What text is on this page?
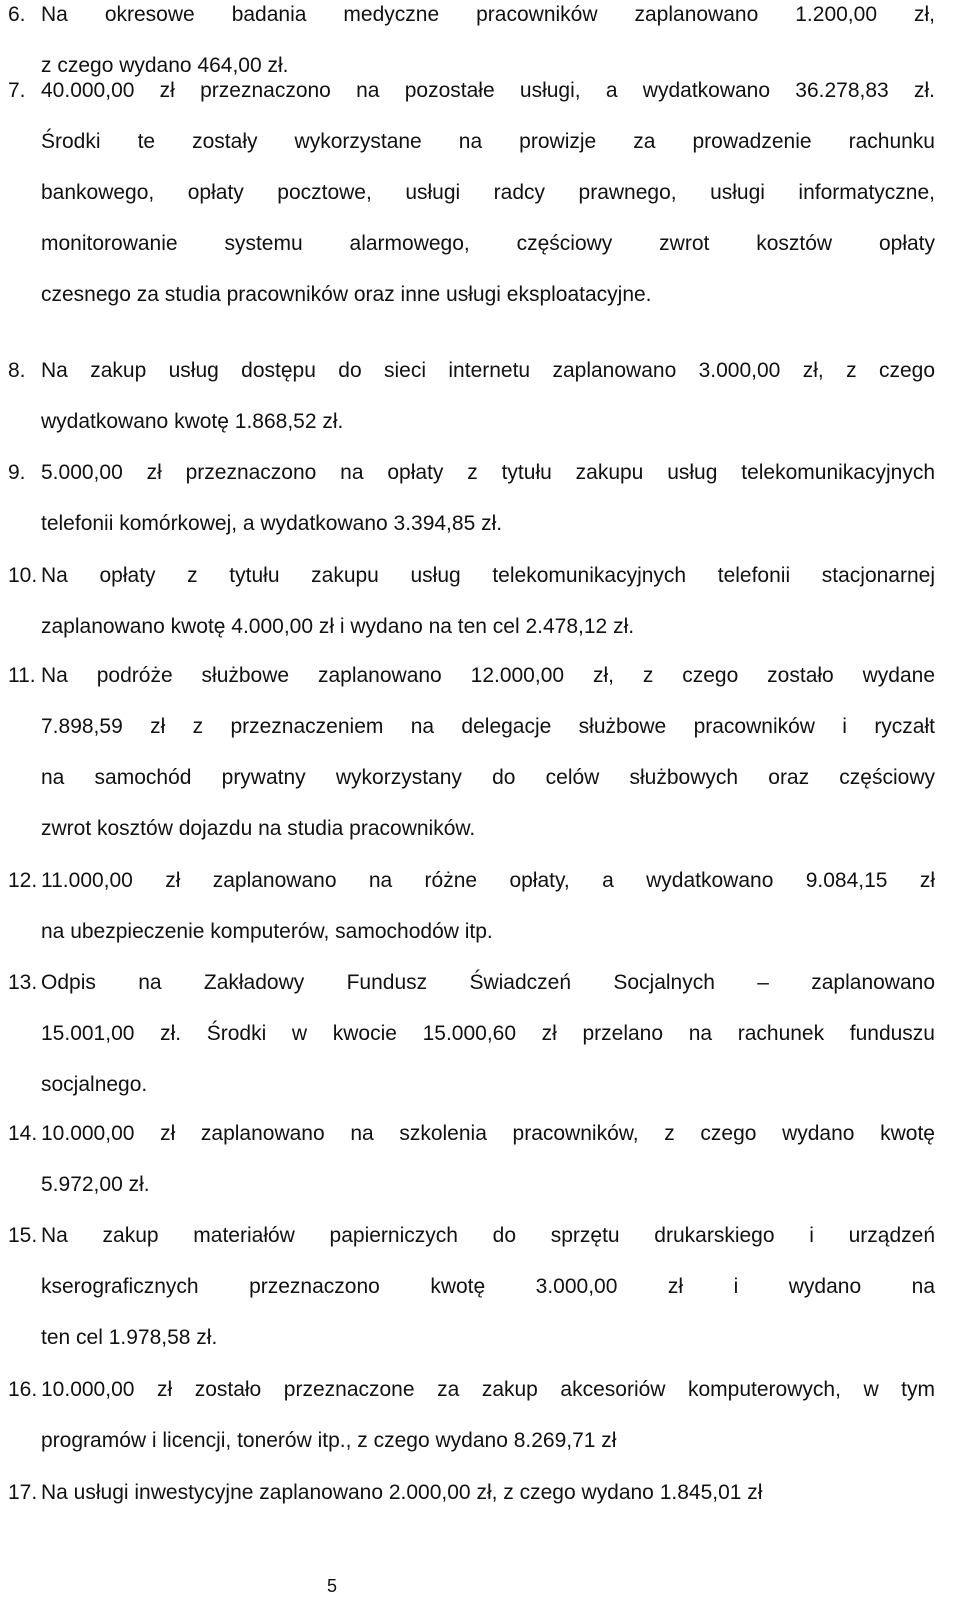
6. Na okresowe badania medyczne pracowników zaplanowano 1.200,00 zł,
z czego wydano 464,00 zł.
7. 40.000,00 zł przeznaczono na pozostałe usługi, a wydatkowano 36.278,83 zł.
Środki te zostały wykorzystane na prowizje za prowadzenie rachunku
bankowego, opłaty pocztowe, usługi radcy prawnego, usługi informatyczne,
monitorowanie systemu alarmowego, częściowy zwrot kosztów opłaty
czesnego za studia pracowników oraz inne usługi eksploatacyjne.
8. Na zakup usług dostępu do sieci internetu zaplanowano 3.000,00 zł, z czego
wydatkowano kwotę 1.868,52 zł.
9. 5.000,00 zł przeznaczono na opłaty z tytułu zakupu usług telekomunikacyjnych
telefonii komórkowej, a wydatkowano 3.394,85 zł.
10. Na opłaty z tytułu zakupu usług telekomunikacyjnych telefonii stacjonarnej
zaplanowano kwotę 4.000,00 zł i wydano na ten cel 2.478,12 zł.
11. Na podróże służbowe zaplanowano 12.000,00 zł, z czego zostało wydane
7.898,59 zł z przeznaczeniem na delegacje służbowe pracowników i ryczałt
na samochód prywatny wykorzystany do celów służbowych oraz częściowy
zwrot kosztów dojazdu na studia pracowników.
12. 11.000,00 zł zaplanowano na różne opłaty, a wydatkowano 9.084,15 zł
na ubezpieczenie komputerów, samochodów itp.
13. Odpis na Zakładowy Fundusz Świadczeń Socjalnych – zaplanowano
15.001,00 zł. Środki w kwocie 15.000,60 zł przelano na rachunek funduszu
socjalnego.
14. 10.000,00 zł zaplanowano na szkolenia pracowników, z czego wydano kwotę
5.972,00 zł.
15. Na zakup materiałów papierniczych do sprzętu drukarskiego i urządzeń
kserograficznych przeznaczono kwotę 3.000,00 zł i wydano na
ten cel 1.978,58 zł.
16. 10.000,00 zł zostało przeznaczone za zakup akcesoriów komputerowych, w tym
programów i licencji, tonerów itp., z czego wydano 8.269,71 zł
17. Na usługi inwestycyjne zaplanowano 2.000,00 zł, z czego wydano 1.845,01 zł
5
